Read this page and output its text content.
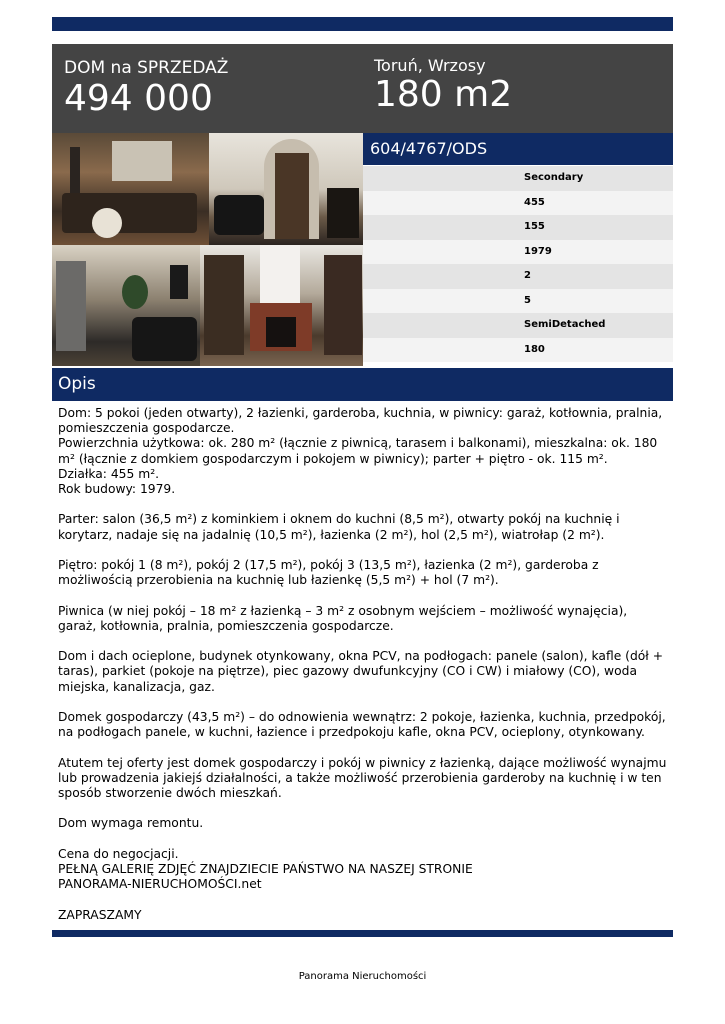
DOM na SPRZEDAŻ
494 000
Toruń, Wrzosy
180 m2
604/4767/ODS
Secondary
455
155
1979
2
5
SemiDetached
180
Opis

Dom: 5 pokoi (jeden otwarty), 2 łazienki, garderoba, kuchnia, w piwnicy: garaż, kotłownia, pralnia, pomieszczenia gospodarcze.
Powierzchnia użytkowa: ok. 280 m² (łącznie z piwnicą, tarasem i balkonami), mieszkalna: ok. 180 m² (łącznie z domkiem gospodarczym i pokojem w piwnicy); parter + piętro - ok. 115 m².
Działka: 455 m².
Rok budowy: 1979.

Parter: salon (36,5 m²) z kominkiem i oknem do kuchni (8,5 m²), otwarty pokój na kuchnię i korytarz, nadaje się na jadalnię (10,5 m²), łazienka (2 m²), hol (2,5 m²), wiatrołap (2 m²).

Piętro: pokój 1 (8 m²), pokój 2 (17,5 m²), pokój 3 (13,5 m²), łazienka (2 m²), garderoba z możliwością przerobienia na kuchnię lub łazienkę (5,5 m²) + hol (7 m²).

Piwnica (w niej pokój – 18 m² z łazienką – 3 m² z osobnym wejściem – możliwość wynajęcia), garaż, kotłownia, pralnia, pomieszczenia gospodarcze.

Dom i dach ocieplone, budynek otynkowany, okna PCV, na podłogach: panele (salon), kafle (dół + taras), parkiet (pokoje na piętrze), piec gazowy dwufunkcyjny (CO i CW) i miałowy (CO), woda miejska, kanalizacja, gaz.

Domek gospodarczy (43,5 m²) – do odnowienia wewnątrz: 2 pokoje, łazienka, kuchnia, przedpokój, na podłogach panele, w kuchni, łazience i przedpokoju kafle, okna PCV, ocieplony, otynkowany.

Atutem tej oferty jest domek gospodarczy i pokój w piwnicy z łazienką, dające możliwość wynajmu lub prowadzenia jakiejś działalności, a także możliwość przerobienia garderoby na kuchnię i w ten sposób stworzenie dwóch mieszkań.

Dom wymaga remontu.

Cena do negocjacji.
PEŁNĄ GALERIĘ ZDJĘĆ ZNAJDZIECIE PAŃSTWO NA NASZEJ STRONIE
PANORAMA-NIERUCHOMOŚCI.net

ZAPRASZAMY

Panorama Nieruchomości
